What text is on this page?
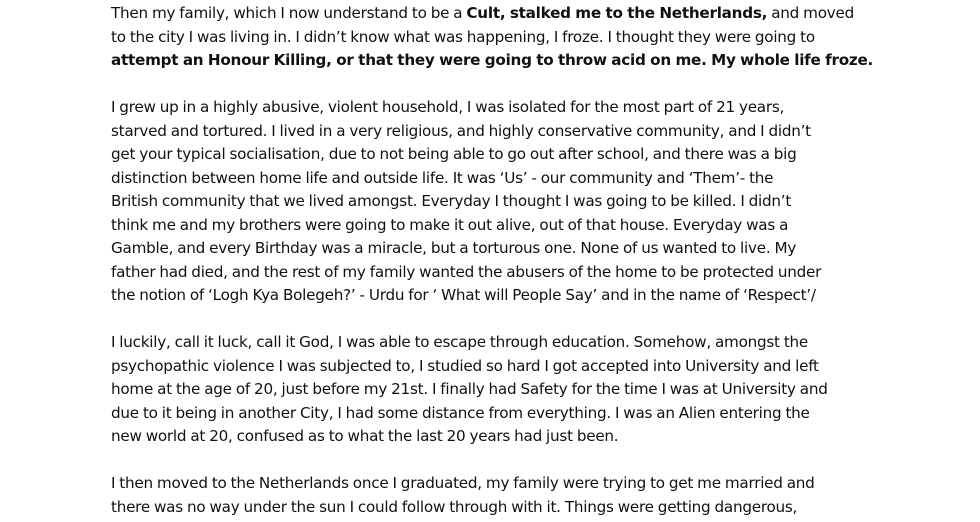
Then my family, which I now understand to be a Cult, stalked me to the Netherlands, and moved
to the city I was living in. I didn’t know what was happening, I froze. I thought they were going to
attempt an Honour Killing, or that they were going to throw acid on me. My whole life froze.

I grew up in a highly abusive, violent household, I was isolated for the most part of 21 years,
starved and tortured. I lived in a very religious, and highly conservative community, and I didn’t
get your typical socialisation, due to not being able to go out after school, and there was a big
distinction between home life and outside life. It was ‘Us’ - our community and ‘Them’- the
British community that we lived amongst. Everyday I thought I was going to be killed. I didn’t
think me and my brothers were going to make it out alive, out of that house. Everyday was a
Gamble, and every Birthday was a miracle, but a torturous one. None of us wanted to live. My
father had died, and the rest of my family wanted the abusers of the home to be protected under
the notion of ‘Logh Kya Bolegeh?’ - Urdu for ‘ What will People Say’ and in the name of ‘Respect’/

I luckily, call it luck, call it God, I was able to escape through education. Somehow, amongst the
psychopathic violence I was subjected to, I studied so hard I got accepted into University and left
home at the age of 20, just before my 21st. I finally had Safety for the time I was at University and
due to it being in another City, I had some distance from everything. I was an Alien entering the
new world at 20, confused as to what the last 20 years had just been.

I then moved to the Netherlands once I graduated, my family were trying to get me married and
there was no way under the sun I could follow through with it. Things were getting dangerous,
